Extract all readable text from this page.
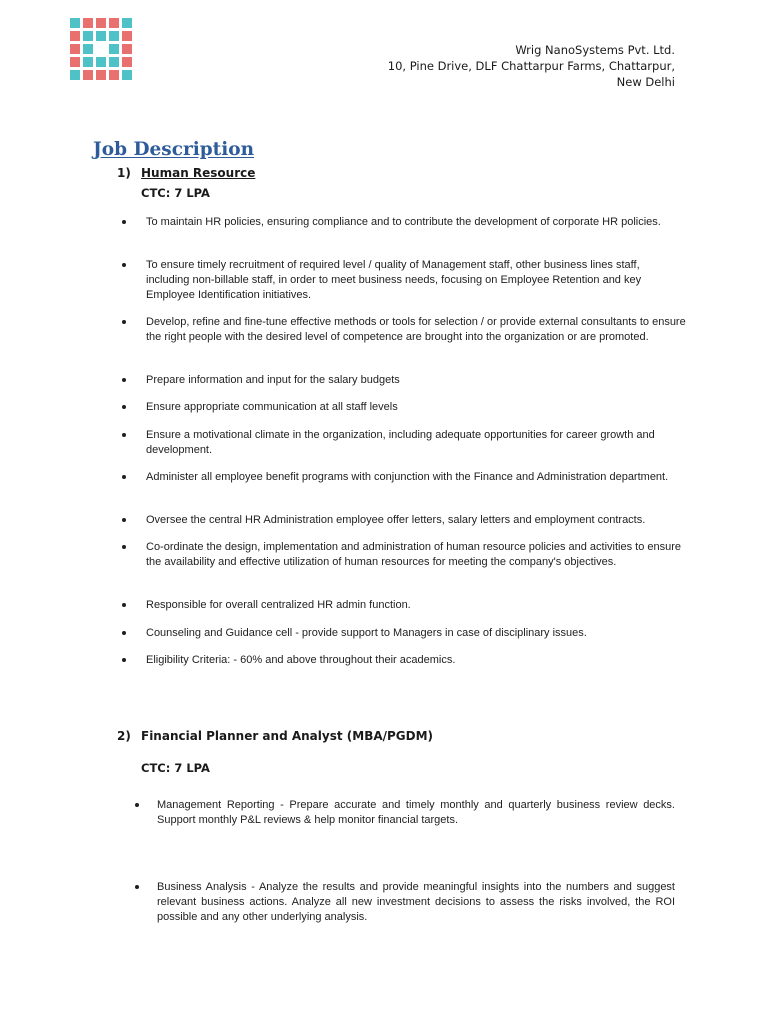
Wrig NanoSystems Pvt. Ltd.
10, Pine Drive, DLF Chattarpur Farms, Chattarpur,
New Delhi
Job Description
1) Human Resource
CTC: 7 LPA
To maintain HR policies, ensuring compliance and to contribute the development of corporate HR policies.
To ensure timely recruitment of required level / quality of Management staff, other business lines staff, including non-billable staff, in order to meet business needs, focusing on Employee Retention and key Employee Identification initiatives.
Develop, refine and fine-tune effective methods or tools for selection / or provide external consultants to ensure the right people with the desired level of competence are brought into the organization or are promoted.
Prepare information and input for the salary budgets
Ensure appropriate communication at all staff levels
Ensure a motivational climate in the organization, including adequate opportunities for career growth and development.
Administer all employee benefit programs with conjunction with the Finance and Administration department.
Oversee the central HR Administration employee offer letters, salary letters and employment contracts.
Co-ordinate the design, implementation and administration of human resource policies and activities to ensure the availability and effective utilization of human resources for meeting the company's objectives.
Responsible for overall centralized HR admin function.
Counseling and Guidance cell - provide support to Managers in case of disciplinary issues.
Eligibility Criteria: - 60% and above throughout their academics.
2) Financial Planner and Analyst (MBA/PGDM)
CTC: 7 LPA
Management Reporting - Prepare accurate and timely monthly and quarterly business review decks. Support monthly P&L reviews & help monitor financial targets.
Business Analysis - Analyze the results and provide meaningful insights into the numbers and suggest relevant business actions. Analyze all new investment decisions to assess the risks involved, the ROI possible and any other underlying analysis.
